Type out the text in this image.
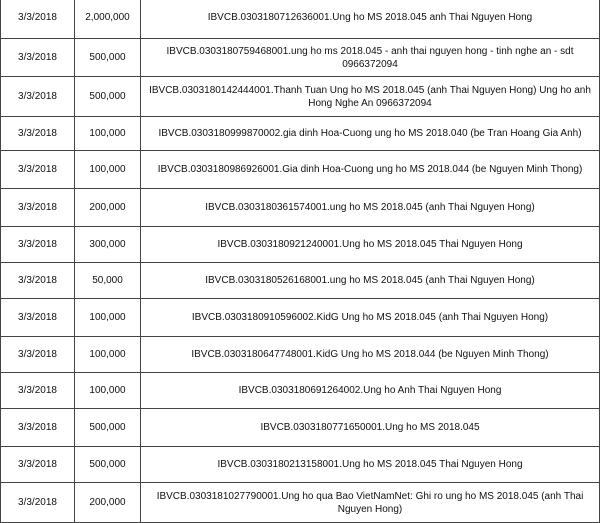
3/3/2018	2,000,000	IBVCB.0303180712636001.Ung ho MS 2018.045 anh Thai Nguyen Hong
3/3/2018	500,000	IBVCB.0303180759468001.ung ho ms 2018.045 - anh thai nguyen hong - tinh nghe an - sdt 0966372094
3/3/2018	500,000	IBVCB.0303180142444001.Thanh Tuan Ung ho MS 2018.045 (anh Thai Nguyen Hong) Ung ho anh Hong Nghe An 0966372094
3/3/2018	100,000	IBVCB.0303180999870002.gia dinh Hoa-Cuong ung ho MS 2018.040 (be Tran Hoang Gia Anh)
3/3/2018	100,000	IBVCB.0303180986926001.Gia dinh Hoa-Cuong ung ho MS 2018.044 (be Nguyen Minh Thong)
3/3/2018	200,000	IBVCB.0303180361574001.ung ho MS 2018.045 (anh Thai Nguyen Hong)
3/3/2018	300,000	IBVCB.0303180921240001.Ung ho MS 2018.045 Thai Nguyen Hong
3/3/2018	50,000	IBVCB.0303180526168001.ung ho MS 2018.045 (anh Thai Nguyen Hong)
3/3/2018	100,000	IBVCB.0303180910596002.KidG Ung ho MS 2018.045 (anh Thai Nguyen Hong)
3/3/2018	100,000	IBVCB.0303180647748001.KidG Ung ho MS 2018.044 (be Nguyen Minh Thong)
3/3/2018	100,000	IBVCB.0303180691264002.Ung ho Anh Thai Nguyen Hong
3/3/2018	500,000	IBVCB.0303180771650001.Ung ho MS 2018.045
3/3/2018	500,000	IBVCB.0303180213158001.Ung ho MS 2018.045 Thai Nguyen Hong
3/3/2018	200,000	IBVCB.0303181027790001.Ung ho qua Bao VietNamNet: Ghi ro ung ho MS 2018.045 (anh Thai Nguyen Hong)
